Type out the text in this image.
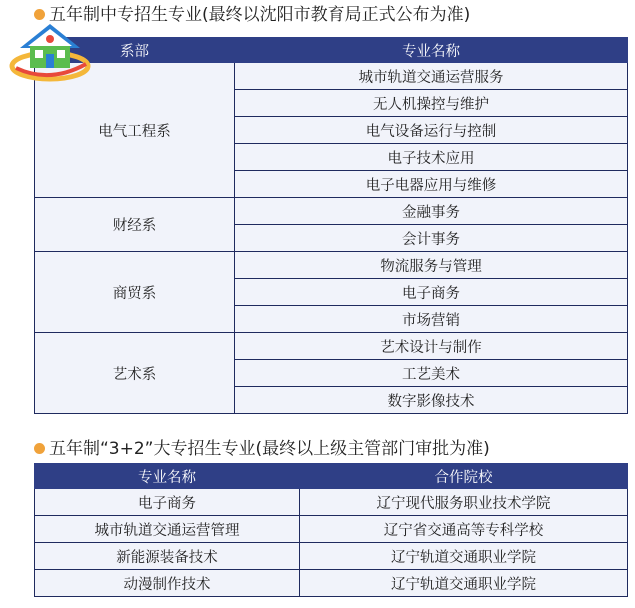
五年制中专招生专业(最终以沈阳市教育局正式公布为准)
系部	专业名称
电气工程系	城市轨道交通运营服务
	无人机操控与维护
	电气设备运行与控制
	电子技术应用
	电子电器应用与维修
财经系	金融事务
	会计事务
商贸系	物流服务与管理
	电子商务
	市场营销
艺术系	艺术设计与制作
	工艺美术
	数字影像技术
五年制“3+2”大专招生专业(最终以上级主管部门审批为准)
专业名称	合作院校
电子商务	辽宁现代服务职业技术学院
城市轨道交通运营管理	辽宁省交通高等专科学校
新能源装备技术	辽宁轨道交通职业学院
动漫制作技术	辽宁轨道交通职业学院
